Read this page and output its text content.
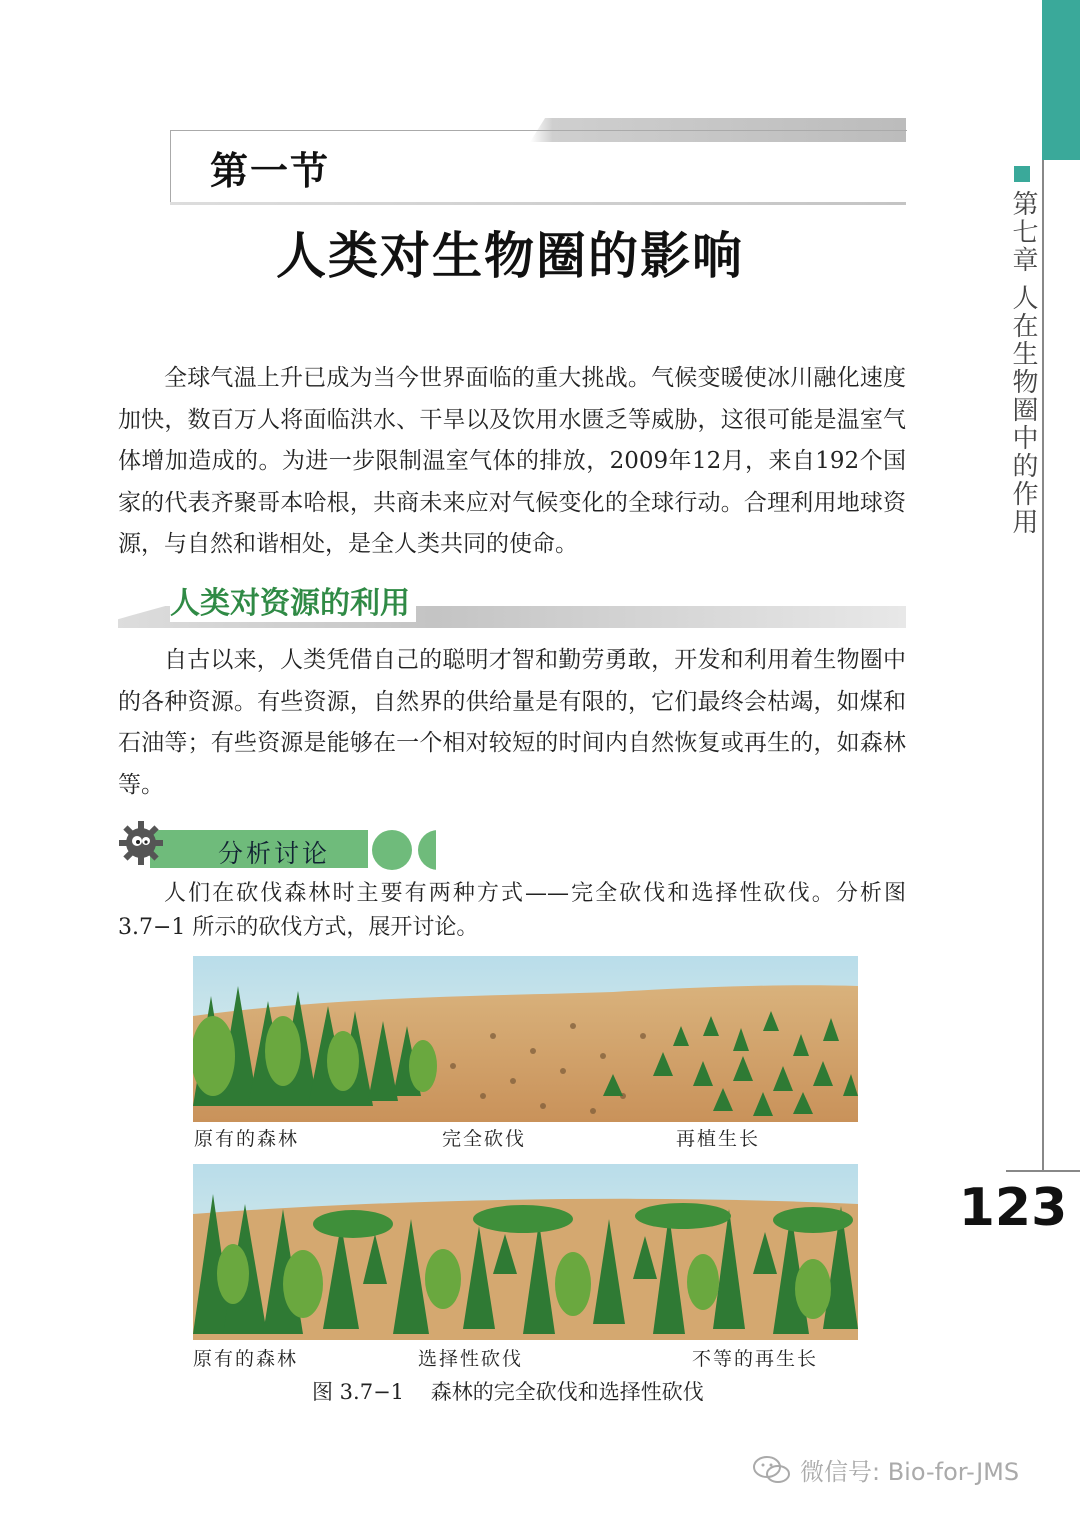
第七章 人在生物圈中的作用
123
第一节
人类对生物圈的影响

全球气温上升已成为当今世界面临的重大挑战。气候变暖使冰川融化速度加快，数百万人将面临洪水、干旱以及饮用水匮乏等威胁，这很可能是温室气体增加造成的。为进一步限制温室气体的排放，2009年12月，来自192个国家的代表齐聚哥本哈根，共商未来应对气候变化的全球行动。合理利用地球资源，与自然和谐相处，是全人类共同的使命。

人类对资源的利用

自古以来，人类凭借自己的聪明才智和勤劳勇敢，开发和利用着生物圈中的各种资源。有些资源，自然界的供给量是有限的，它们最终会枯竭，如煤和石油等；有些资源是能够在一个相对较短的时间内自然恢复或再生的，如森林等。

分析讨论

人们在砍伐森林时主要有两种方式——完全砍伐和选择性砍伐。分析图 3.7−1 所示的砍伐方式，展开讨论。

原有的森林	完全砍伐	再植生长
原有的森林	选择性砍伐	不等的再生长
图 3.7−1    森林的完全砍伐和选择性砍伐
微信号: Bio-for-JMS
